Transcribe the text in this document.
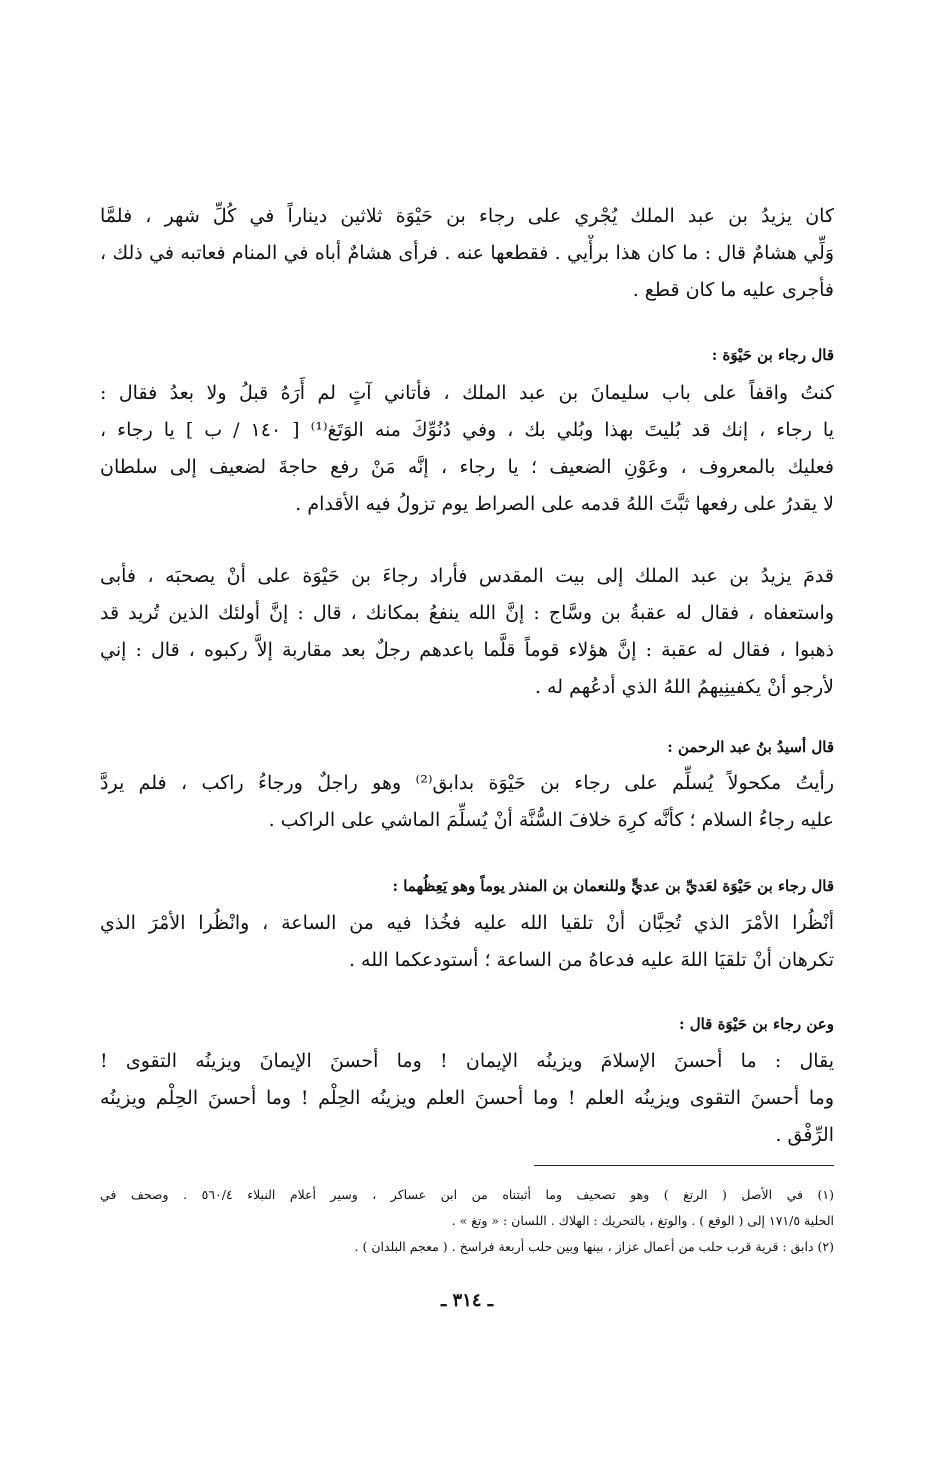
كان يزيدُ بن عبد الملك يُجْري على رجاء بن حَيْوَة ثلاثين ديناراً في كُلِّ شهر ، فلمَّا
وَلِّي هشامٌ قال : ما كان هذا برأْيي . فقطعها عنه . فرأى هشامٌ أباه في المنام فعاتبه في ذلك ،
فأجرى عليه ما كان قطع .
قال رجاء بن حَيْوَة :
كنتُ واقفاً على باب سليمانَ بن عبد الملك ، فأتاني آتٍ لم أَرَهُ قبلُ ولا بعدُ فقال :
يا رجاء ، إنك قد بُليتَ بهذا وبُلي بك ، وفي دُنُوِّكَ منه الوَتَغ⁽¹⁾ [ ١٤٠ / ب ] يا رجاء ،
فعليك بالمعروف ، وعَوْنِ الضعيف ؛ يا رجاء ، إنَّه مَنْ رفع حاجةَ لضعيف إلى سلطان
لا يقدرُ على رفعها ثبَّتَ اللهُ قدمه على الصراط يوم تزولُ فيه الأقدام .
قدمَ يزيدُ بن عبد الملك إلى بيت المقدس فأراد رجاءَ بن حَيْوَة على أنْ يصحبَه ، فأبى
واستعفاه ، فقال له عقبةُ بن وسَّاج : إنَّ الله ينفعُ بمكانك ، قال : إنَّ أولئك الذين تُريد قد
ذهبوا ، فقال له عقبة : إنَّ هؤلاء قوماً قلَّما باعدهم رجلٌ بعد مقاربة إلاَّ ركبوه ، قال : إني
لأرجو أنْ يكفينِيهمُ اللهُ الذي أدعُهم له .
قال أسيدُ بنُ عبد الرحمن :
رأيتُ مكحولاً يُسلِّم على رجاء بن حَيْوَة بدابق⁽²⁾ وهو راجلٌ ورجاءُ راكب ، فلم يردَّ
عليه رجاءُ السلام ؛ كأنَّه كرِهَ خلافَ السُّنَّة أنْ يُسلِّمَ الماشي على الراكب .
قال رجاء بن حَيْوَة لعَديِّ بن عديٍّ وللنعمان بن المنذر يوماً وهو يَعِظُهما :
أنْظُرا الأمْرَ الذي تُحِبَّان أنْ تلقيا الله عليه فخُذا فيه من الساعة ، وانْظُرا الأمْرَ الذي
تكرهان أنْ تلقيَا اللهَ عليه فدعاهُ من الساعة ؛ أستودعكما الله .
وعن رجاء بن حَيْوَة قال :
يقال : ما أحسنَ الإسلامَ ويزينُه الإيمان ! وما أحسنَ الإيمانَ ويزينُه التقوى !
وما أحسنَ التقوى ويزينُه العلم ! وما أحسنَ العلم ويزينُه الحِلْم ! وما أحسنَ الحِلْم ويزينُه
الرِّفْق .
(١) في الأصل ( الرتغ ) وهو تصحيف وما أثبتناه من ابن عساكر ، وسير أعلام النبلاء ٥٦٠/٤ . وصحف في
الحلية ١٧١/٥ إلى ( الوقع ) . والوتغ ، بالتحريك : الهلاك . اللسان : « وتغ » .
(٢) دابق : قرية قرب حلب من أعمال عزاز ، بينها وبين حلب أربعة فراسخ . ( معجم البلدان ) .
ـ ٣١٤ ـ
